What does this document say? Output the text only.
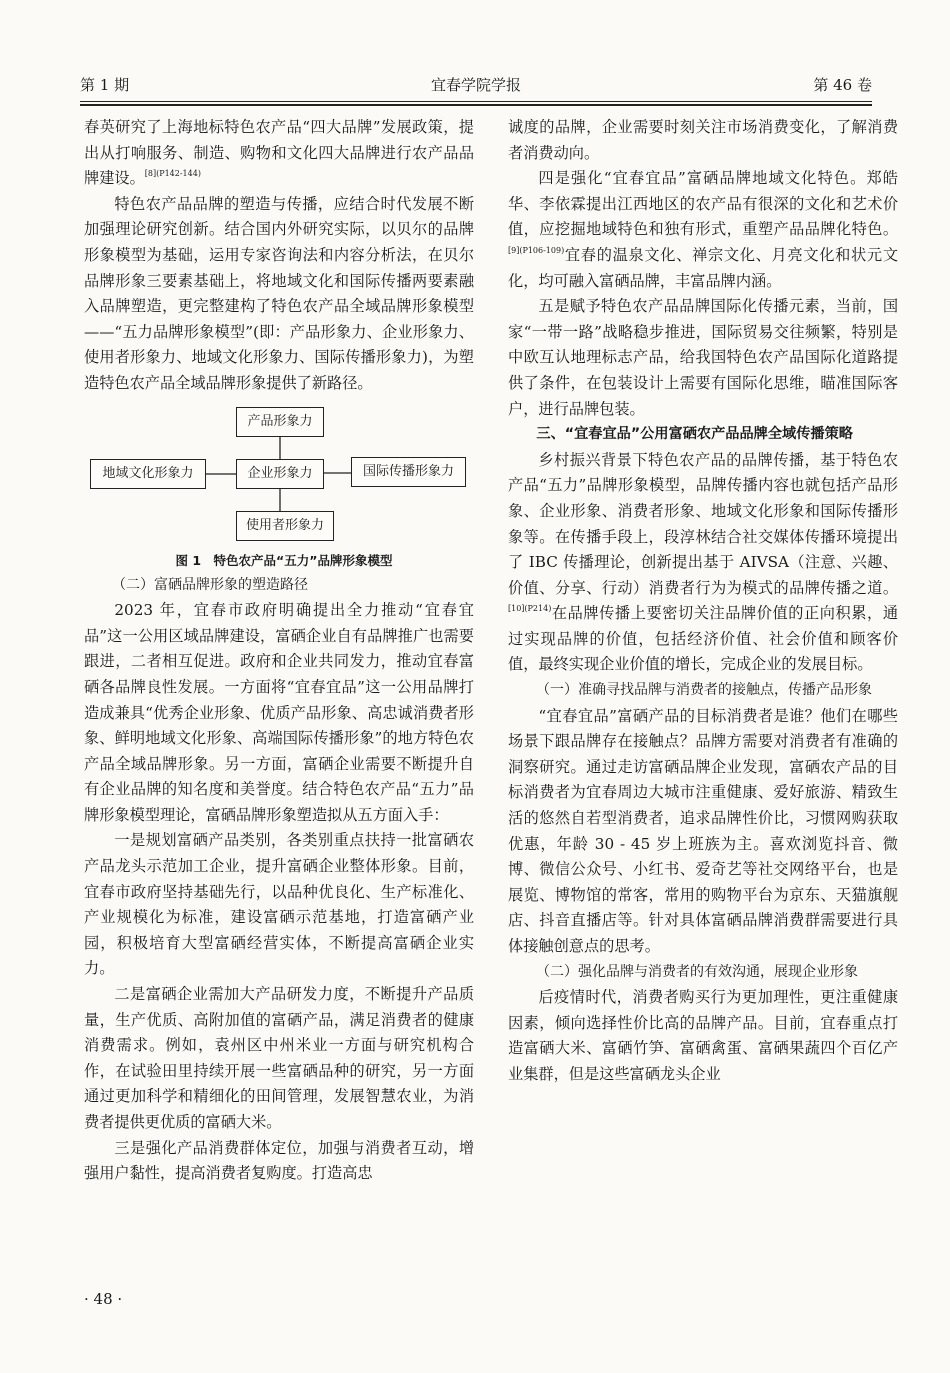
第 1 期	宜春学院学报	第 46 卷

春英研究了上海地标特色农产品“四大品牌”发展政策，提出从打响服务、制造、购物和文化四大品牌进行农产品品牌建设。$^{[8](P142-144)}$

特色农产品品牌的塑造与传播，应结合时代发展不断加强理论研究创新。结合国内外研究实际，以贝尔的品牌形象模型为基础，运用专家咨询法和内容分析法，在贝尔品牌形象三要素基础上，将地域文化和国际传播两要素融入品牌塑造，更完整建构了特色农产品全域品牌形象模型——“五力品牌形象模型”(即：产品形象力、企业形象力、使用者形象力、地域文化形象力、国际传播形象力)，为塑造特色农产品全域品牌形象提供了新路径。

产品形象力
地域文化形象力	企业形象力	国际传播形象力
使用者形象力

图 1　特色农产品“五力”品牌形象模型

（二）富硒品牌形象的塑造路径

2023 年，宜春市政府明确提出全力推动“宜春宜品”这一公用区域品牌建设，富硒企业自有品牌推广也需要跟进，二者相互促进。政府和企业共同发力，推动宜春富硒各品牌良性发展。一方面将“宜春宜品”这一公用品牌打造成兼具“优秀企业形象、优质产品形象、高忠诚消费者形象、鲜明地域文化形象、高端国际传播形象”的地方特色农产品全域品牌形象。另一方面，富硒企业需要不断提升自有企业品牌的知名度和美誉度。结合特色农产品“五力”品牌形象模型理论，富硒品牌形象塑造拟从五方面入手：

一是规划富硒产品类别，各类别重点扶持一批富硒农产品龙头示范加工企业，提升富硒企业整体形象。目前，宜春市政府坚持基础先行，以品种优良化、生产标准化、产业规模化为标准，建设富硒示范基地，打造富硒产业园，积极培育大型富硒经营实体，不断提高富硒企业实力。

二是富硒企业需加大产品研发力度，不断提升产品质量，生产优质、高附加值的富硒产品，满足消费者的健康消费需求。例如，袁州区中州米业一方面与研究机构合作，在试验田里持续开展一些富硒品种的研究，另一方面通过更加科学和精细化的田间管理，发展智慧农业，为消费者提供更优质的富硒大米。

三是强化产品消费群体定位，加强与消费者互动，增强用户黏性，提高消费者复购度。打造高忠

诚度的品牌，企业需要时刻关注市场消费变化，了解消费者消费动向。

四是强化“宜春宜品”富硒品牌地域文化特色。郑皓华、李依霖提出江西地区的农产品有很深的文化和艺术价值，应挖掘地域特色和独有形式，重塑产品品牌化特色。$^{[9](P106-109)}$宜春的温泉文化、禅宗文化、月亮文化和状元文化，均可融入富硒品牌，丰富品牌内涵。

五是赋予特色农产品品牌国际化传播元素，当前，国家“一带一路”战略稳步推进，国际贸易交往频繁，特别是中欧互认地理标志产品，给我国特色农产品国际化道路提供了条件，在包装设计上需要有国际化思维，瞄准国际客户，进行品牌包装。

三、“宜春宜品”公用富硒农产品品牌全域传播策略

乡村振兴背景下特色农产品的品牌传播，基于特色农产品“五力”品牌形象模型，品牌传播内容也就包括产品形象、企业形象、消费者形象、地域文化形象和国际传播形象等。在传播手段上，段淳林结合社交媒体传播环境提出了 IBC 传播理论，创新提出基于 AIVSA（注意、兴趣、价值、分享、行动）消费者行为为模式的品牌传播之道。$^{[10](P214)}$在品牌传播上要密切关注品牌价值的正向积累，通过实现品牌的价值，包括经济价值、社会价值和顾客价值，最终实现企业价值的增长，完成企业的发展目标。

（一）准确寻找品牌与消费者的接触点，传播产品形象

“宜春宜品”富硒产品的目标消费者是谁？他们在哪些场景下跟品牌存在接触点？品牌方需要对消费者有准确的洞察研究。通过走访富硒品牌企业发现，富硒农产品的目标消费者为宜春周边大城市注重健康、爱好旅游、精致生活的悠然自若型消费者，追求品牌性价比，习惯网购获取优惠，年龄 30 - 45 岁上班族为主。喜欢浏览抖音、微博、微信公众号、小红书、爱奇艺等社交网络平台，也是展览、博物馆的常客，常用的购物平台为京东、天猫旗舰店、抖音直播店等。针对具体富硒品牌消费群需要进行具体接触创意点的思考。

（二）强化品牌与消费者的有效沟通，展现企业形象

后疫情时代，消费者购买行为更加理性，更注重健康因素，倾向选择性价比高的品牌产品。目前，宜春重点打造富硒大米、富硒竹笋、富硒禽蛋、富硒果蔬四个百亿产业集群，但是这些富硒龙头企业

· 48 ·
